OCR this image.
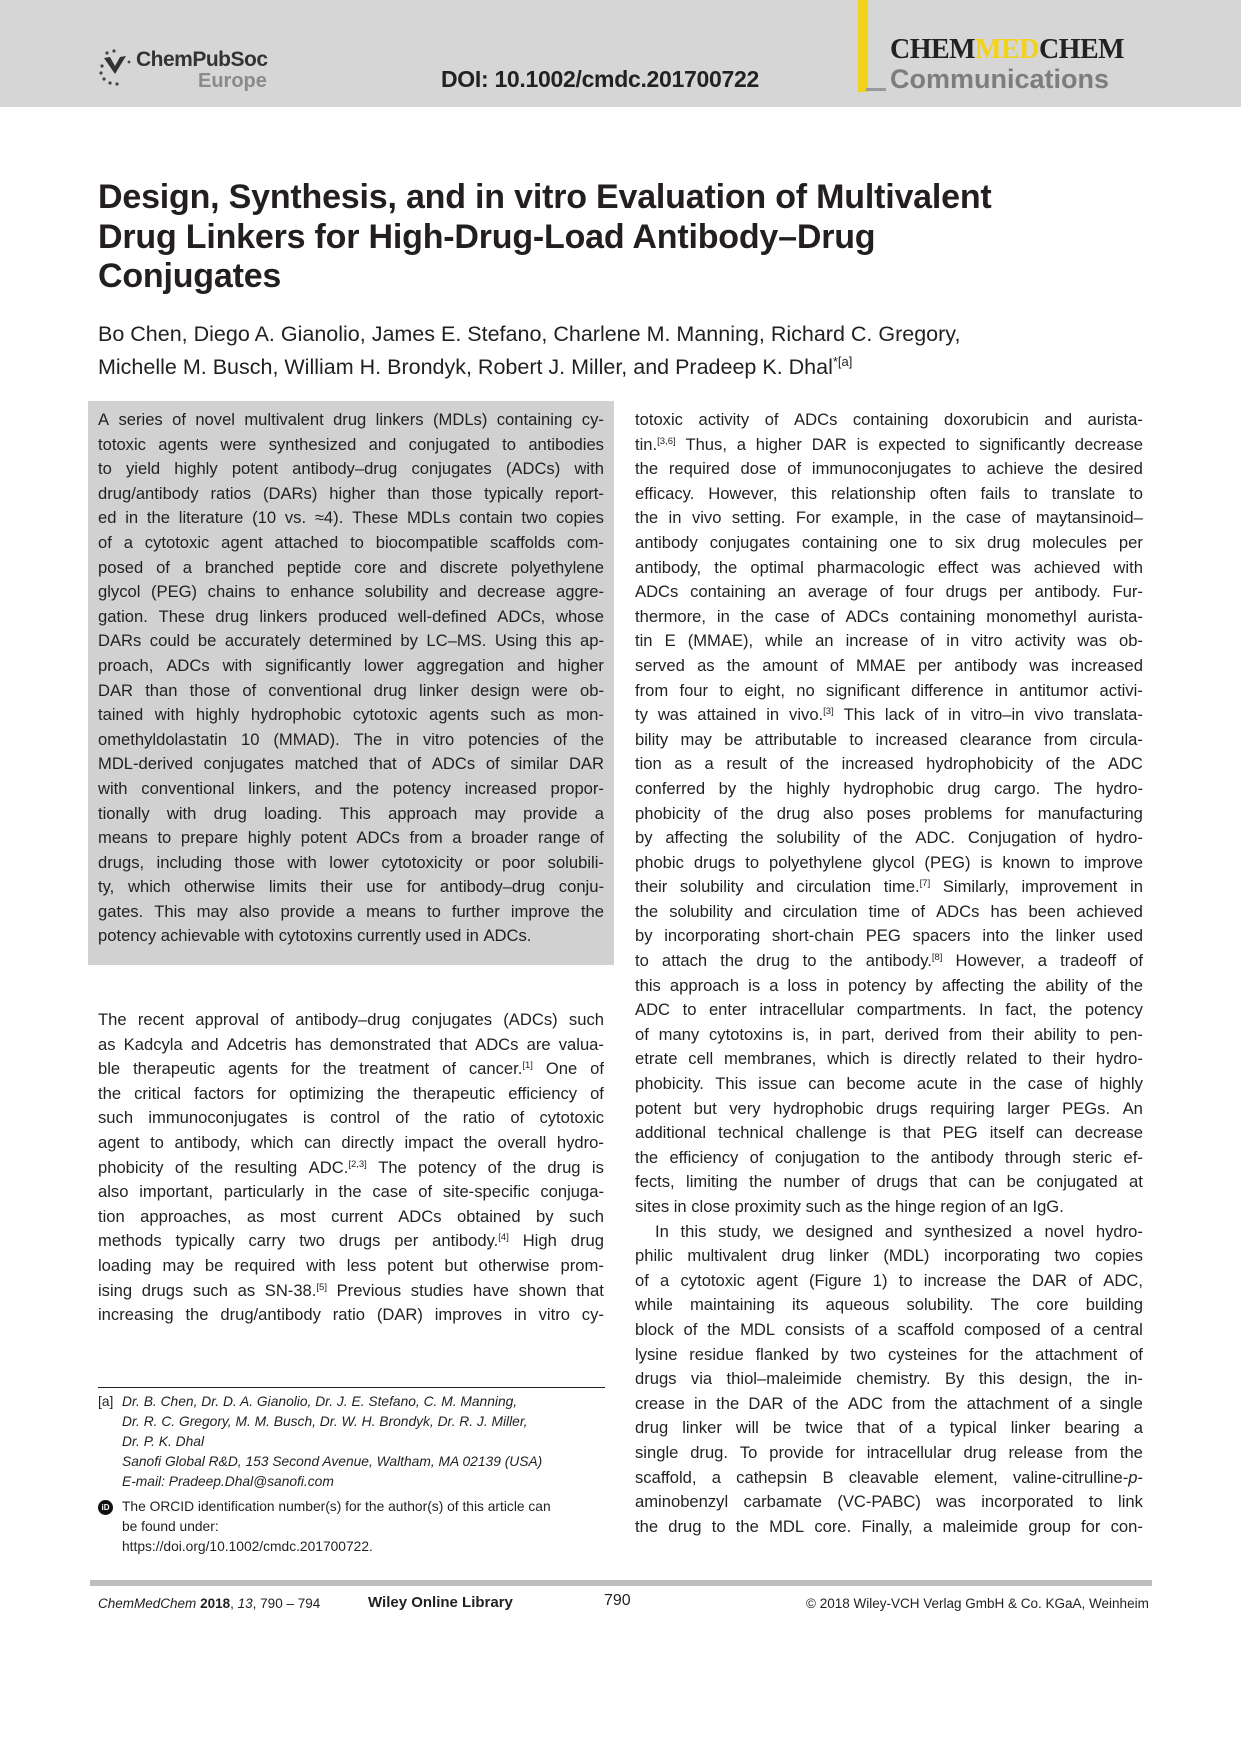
ChemPubSoc
Europe	DOI: 10.1002/cmdc.201700722
CHEMMEDCHEM
Communications
Design, Synthesis, and in vitro Evaluation of Multivalent
Drug Linkers for High-Drug-Load Antibody–Drug
Conjugates
Bo Chen, Diego A. Gianolio, James E. Stefano, Charlene M. Manning, Richard C. Gregory,
Michelle M. Busch, William H. Brondyk, Robert J. Miller, and Pradeep K. Dhal$^{*[a]}$
A series of novel multivalent drug linkers (MDLs) containing cy-
totoxic agents were synthesized and conjugated to antibodies
to yield highly potent antibody–drug conjugates (ADCs) with
drug/antibody ratios (DARs) higher than those typically report-
ed in the literature (10 vs. ≈4). These MDLs contain two copies
of a cytotoxic agent attached to biocompatible scaffolds com-
posed of a branched peptide core and discrete polyethylene
glycol (PEG) chains to enhance solubility and decrease aggre-
gation. These drug linkers produced well-defined ADCs, whose
DARs could be accurately determined by LC–MS. Using this ap-
proach, ADCs with significantly lower aggregation and higher
DAR than those of conventional drug linker design were ob-
tained with highly hydrophobic cytotoxic agents such as mon-
omethyldolastatin 10 (MMAD). The in vitro potencies of the
MDL-derived conjugates matched that of ADCs of similar DAR
with conventional linkers, and the potency increased propor-
tionally with drug loading. This approach may provide a
means to prepare highly potent ADCs from a broader range of
drugs, including those with lower cytotoxicity or poor solubili-
ty, which otherwise limits their use for antibody–drug conju-
gates. This may also provide a means to further improve the
potency achievable with cytotoxins currently used in ADCs.
The recent approval of antibody–drug conjugates (ADCs) such
as Kadcyla and Adcetris has demonstrated that ADCs are valua-
ble therapeutic agents for the treatment of cancer.[1] One of
the critical factors for optimizing the therapeutic efficiency of
such immunoconjugates is control of the ratio of cytotoxic
agent to antibody, which can directly impact the overall hydro-
phobicity of the resulting ADC.[2,3] The potency of the drug is
also important, particularly in the case of site-specific conjuga-
tion approaches, as most current ADCs obtained by such
methods typically carry two drugs per antibody.[4] High drug
loading may be required with less potent but otherwise prom-
ising drugs such as SN-38.[5] Previous studies have shown that
increasing the drug/antibody ratio (DAR) improves in vitro cy-
totoxic activity of ADCs containing doxorubicin and aurista-
tin.[3,6] Thus, a higher DAR is expected to significantly decrease
the required dose of immunoconjugates to achieve the desired
efficacy. However, this relationship often fails to translate to
the in vivo setting. For example, in the case of maytansinoid–
antibody conjugates containing one to six drug molecules per
antibody, the optimal pharmacologic effect was achieved with
ADCs containing an average of four drugs per antibody. Fur-
thermore, in the case of ADCs containing monomethyl aurista-
tin E (MMAE), while an increase of in vitro activity was ob-
served as the amount of MMAE per antibody was increased
from four to eight, no significant difference in antitumor activi-
ty was attained in vivo.[3] This lack of in vitro–in vivo translata-
bility may be attributable to increased clearance from circula-
tion as a result of the increased hydrophobicity of the ADC
conferred by the highly hydrophobic drug cargo. The hydro-
phobicity of the drug also poses problems for manufacturing
by affecting the solubility of the ADC. Conjugation of hydro-
phobic drugs to polyethylene glycol (PEG) is known to improve
their solubility and circulation time.[7] Similarly, improvement in
the solubility and circulation time of ADCs has been achieved
by incorporating short-chain PEG spacers into the linker used
to attach the drug to the antibody.[8] However, a tradeoff of
this approach is a loss in potency by affecting the ability of the
ADC to enter intracellular compartments. In fact, the potency
of many cytotoxins is, in part, derived from their ability to pen-
etrate cell membranes, which is directly related to their hydro-
phobicity. This issue can become acute in the case of highly
potent but very hydrophobic drugs requiring larger PEGs. An
additional technical challenge is that PEG itself can decrease
the efficiency of conjugation to the antibody through steric ef-
fects, limiting the number of drugs that can be conjugated at
sites in close proximity such as the hinge region of an IgG.
In this study, we designed and synthesized a novel hydro-
philic multivalent drug linker (MDL) incorporating two copies
of a cytotoxic agent (Figure 1) to increase the DAR of ADC,
while maintaining its aqueous solubility. The core building
block of the MDL consists of a scaffold composed of a central
lysine residue flanked by two cysteines for the attachment of
drugs via thiol–maleimide chemistry. By this design, the in-
crease in the DAR of the ADC from the attachment of a single
drug linker will be twice that of a typical linker bearing a
single drug. To provide for intracellular drug release from the
scaffold, a cathepsin B cleavable element, valine-citrulline-p-
aminobenzyl carbamate (VC-PABC) was incorporated to link
the drug to the MDL core. Finally, a maleimide group for con-
[a] Dr. B. Chen, Dr. D. A. Gianolio, Dr. J. E. Stefano, C. M. Manning,
Dr. R. C. Gregory, M. M. Busch, Dr. W. H. Brondyk, Dr. R. J. Miller,
Dr. P. K. Dhal
Sanofi Global R&D, 153 Second Avenue, Waltham, MA 02139 (USA)
E-mail: Pradeep.Dhal@sanofi.com
iD The ORCID identification number(s) for the author(s) of this article can
be found under:
https://doi.org/10.1002/cmdc.201700722.
ChemMedChem 2018, 13, 790 – 794	Wiley Online Library	790	© 2018 Wiley-VCH Verlag GmbH & Co. KGaA, Weinheim
